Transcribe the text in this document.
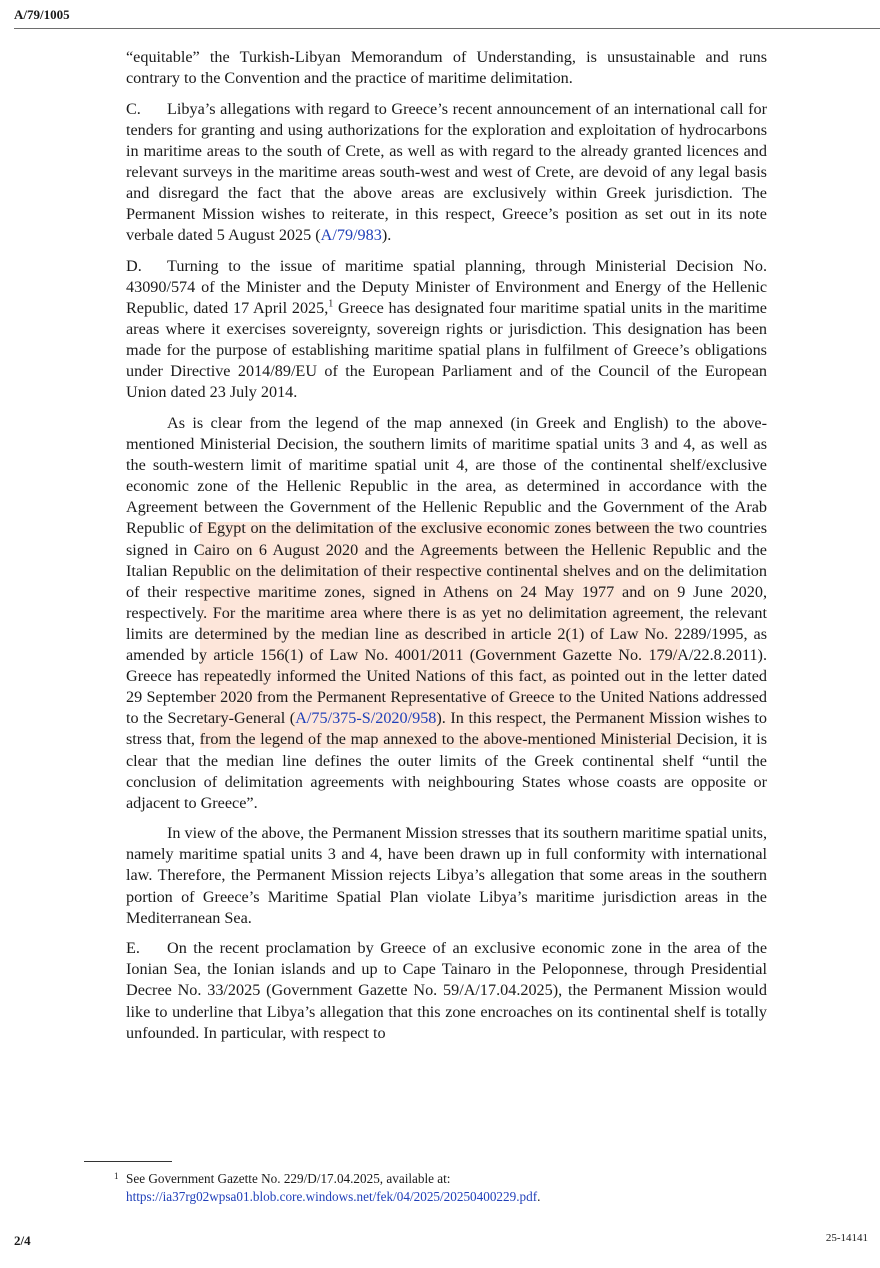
A/79/1005

“equitable” the Turkish-Libyan Memorandum of Understanding, is unsustainable and runs contrary to the Convention and the practice of maritime delimitation.

C. Libya’s allegations with regard to Greece’s recent announcement of an international call for tenders for granting and using authorizations for the exploration and exploitation of hydrocarbons in maritime areas to the south of Crete, as well as with regard to the already granted licences and relevant surveys in the maritime areas south-west and west of Crete, are devoid of any legal basis and disregard the fact that the above areas are exclusively within Greek jurisdiction. The Permanent Mission wishes to reiterate, in this respect, Greece’s position as set out in its note verbale dated 5 August 2025 (A/79/983).

D. Turning to the issue of maritime spatial planning, through Ministerial Decision No. 43090/574 of the Minister and the Deputy Minister of Environment and Energy of the Hellenic Republic, dated 17 April 2025,$^1$ Greece has designated four maritime spatial units in the maritime areas where it exercises sovereignty, sovereign rights or jurisdiction. This designation has been made for the purpose of establishing maritime spatial plans in fulfilment of Greece’s obligations under Directive 2014/89/EU of the European Parliament and of the Council of the European Union dated 23 July 2014.

As is clear from the legend of the map annexed (in Greek and English) to the above-mentioned Ministerial Decision, the southern limits of maritime spatial units 3 and 4, as well as the south-western limit of maritime spatial unit 4, are those of the continental shelf/exclusive economic zone of the Hellenic Republic in the area, as determined in accordance with the Agreement between the Government of the Hellenic Republic and the Government of the Arab Republic of Egypt on the delimitation of the exclusive economic zones between the two countries signed in Cairo on 6 August 2020 and the Agreements between the Hellenic Republic and the Italian Republic on the delimitation of their respective continental shelves and on the delimitation of their respective maritime zones, signed in Athens on 24 May 1977 and on 9 June 2020, respectively. For the maritime area where there is as yet no delimitation agreement, the relevant limits are determined by the median line as described in article 2(1) of Law No. 2289/1995, as amended by article 156(1) of Law No. 4001/2011 (Government Gazette No. 179/A/22.8.2011). Greece has repeatedly informed the United Nations of this fact, as pointed out in the letter dated 29 September 2020 from the Permanent Representative of Greece to the United Nations addressed to the Secretary-General (A/75/375-S/2020/958). In this respect, the Permanent Mission wishes to stress that, from the legend of the map annexed to the above-mentioned Ministerial Decision, it is clear that the median line defines the outer limits of the Greek continental shelf “until the conclusion of delimitation agreements with neighbouring States whose coasts are opposite or adjacent to Greece”.

In view of the above, the Permanent Mission stresses that its southern maritime spatial units, namely maritime spatial units 3 and 4, have been drawn up in full conformity with international law. Therefore, the Permanent Mission rejects Libya’s allegation that some areas in the southern portion of Greece’s Maritime Spatial Plan violate Libya’s maritime jurisdiction areas in the Mediterranean Sea.

E. On the recent proclamation by Greece of an exclusive economic zone in the area of the Ionian Sea, the Ionian islands and up to Cape Tainaro in the Peloponnese, through Presidential Decree No. 33/2025 (Government Gazette No. 59/A/17.04.2025), the Permanent Mission would like to underline that Libya’s allegation that this zone encroaches on its continental shelf is totally unfounded. In particular, with respect to

1 See Government Gazette No. 229/D/17.04.2025, available at:
https://ia37rg02wpsa01.blob.core.windows.net/fek/04/2025/20250400229.pdf.
2/4	25-14141
